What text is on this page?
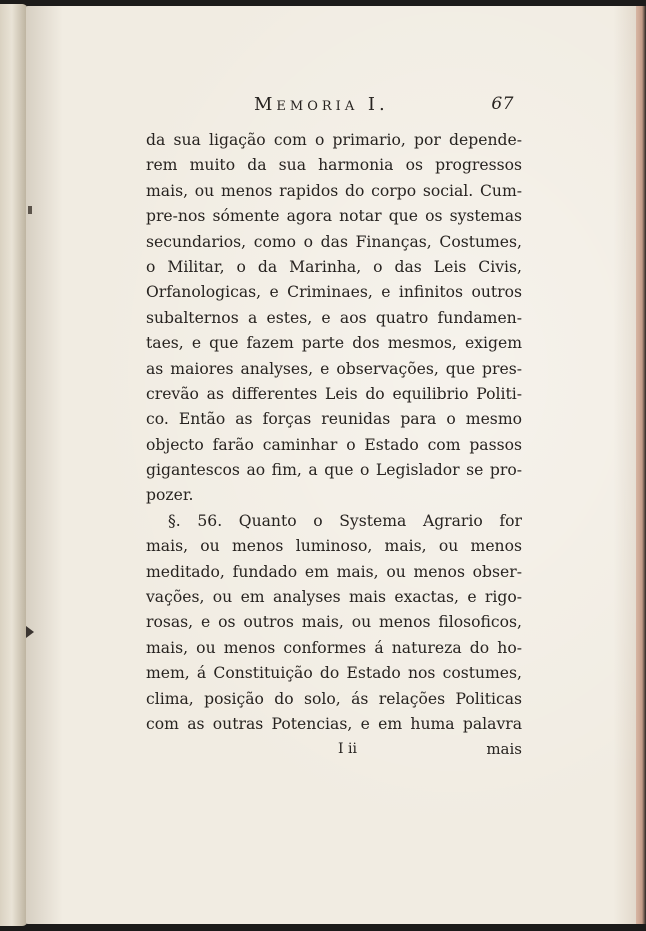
Memoria I.	67
da sua ligação com o primario, por depende-
rem muito da sua harmonia os progressos
mais, ou menos rapidos do corpo social. Cum-
pre-nos sómente agora notar que os systemas
secundarios, como o das Finanças, Costumes,
o Militar, o da Marinha, o das Leis Civis,
Orfanologicas, e Criminaes, e infinitos outros
subalternos a estes, e aos quatro fundamen-
taes, e que fazem parte dos mesmos, exigem
as maiores analyses, e observações, que pres-
crevão as differentes Leis do equilibrio Politi-
co. Então as forças reunidas para o mesmo
objecto farão caminhar o Estado com passos
gigantescos ao fim, a que o Legislador se pro-
pozer.
§. 56. Quanto o Systema Agrario for
mais, ou menos luminoso, mais, ou menos
meditado, fundado em mais, ou menos obser-
vações, ou em analyses mais exactas, e rigo-
rosas, e os outros mais, ou menos filosoficos,
mais, ou menos conformes á natureza do ho-
mem, á Constituição do Estado nos costumes,
clima, posição do solo, ás relações Politicas
com as outras Potencias, e em huma palavra
I ii	mais
